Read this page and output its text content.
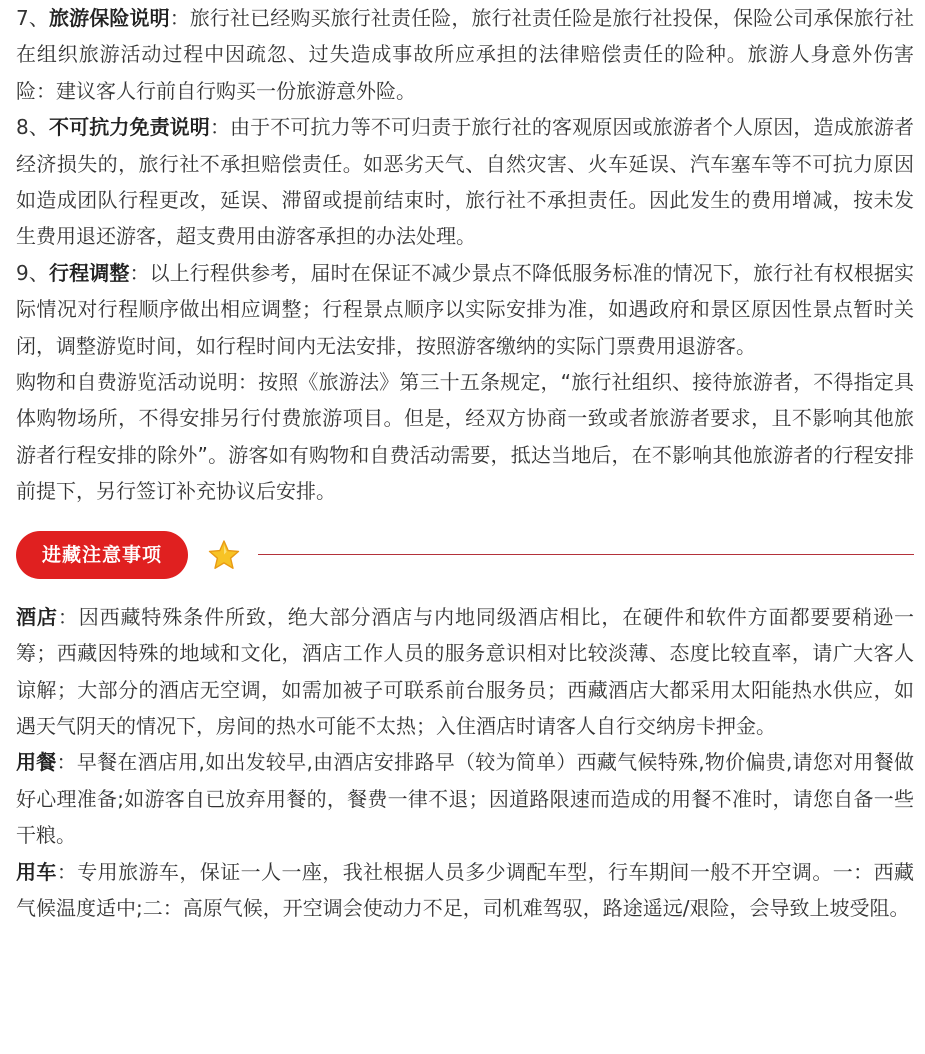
7、旅游保险说明：旅行社已经购买旅行社责任险，旅行社责任险是旅行社投保，保险公司承保旅行社在组织旅游活动过程中因疏忽、过失造成事故所应承担的法律赔偿责任的险种。旅游人身意外伤害险：建议客人行前自行购买一份旅游意外险。

8、不可抗力免责说明：由于不可抗力等不可归责于旅行社的客观原因或旅游者个人原因，造成旅游者经济损失的，旅行社不承担赔偿责任。如恶劣天气、自然灾害、火车延误、汽车塞车等不可抗力原因如造成团队行程更改，延误、滞留或提前结束时，旅行社不承担责任。因此发生的费用增减，按未发生费用退还游客，超支费用由游客承担的办法处理。

9、行程调整：以上行程供参考，届时在保证不减少景点不降低服务标准的情况下，旅行社有权根据实际情况对行程顺序做出相应调整；行程景点顺序以实际安排为准，如遇政府和景区原因性景点暂时关闭，调整游览时间，如行程时间内无法安排，按照游客缴纳的实际门票费用退游客。

购物和自费游览活动说明：按照《旅游法》第三十五条规定，“旅行社组织、接待旅游者，不得指定具体购物场所，不得安排另行付费旅游项目。但是，经双方协商一致或者旅游者要求，且不影响其他旅游者行程安排的除外”。游客如有购物和自费活动需要，抵达当地后，在不影响其他旅游者的行程安排前提下，另行签订补充协议后安排。

进藏注意事项

酒店：因西藏特殊条件所致，绝大部分酒店与内地同级酒店相比，在硬件和软件方面都要要稍逊一筹；西藏因特殊的地域和文化，酒店工作人员的服务意识相对比较淡薄、态度比较直率，请广大客人谅解；大部分的酒店无空调，如需加被子可联系前台服务员；西藏酒店大都采用太阳能热水供应，如遇天气阴天的情况下，房间的热水可能不太热；入住酒店时请客人自行交纳房卡押金。

用餐：早餐在酒店用,如出发较早,由酒店安排路早（较为简单）西藏气候特殊,物价偏贵,请您对用餐做好心理准备;如游客自已放弃用餐的，餐费一律不退；因道路限速而造成的用餐不准时，请您自备一些干粮。

用车：专用旅游车，保证一人一座，我社根据人员多少调配车型，行车期间一般不开空调。一：西藏气候温度适中;二：高原气候，开空调会使动力不足，司机难驾驭，路途遥远/艰险，会导致上坡受阻。
